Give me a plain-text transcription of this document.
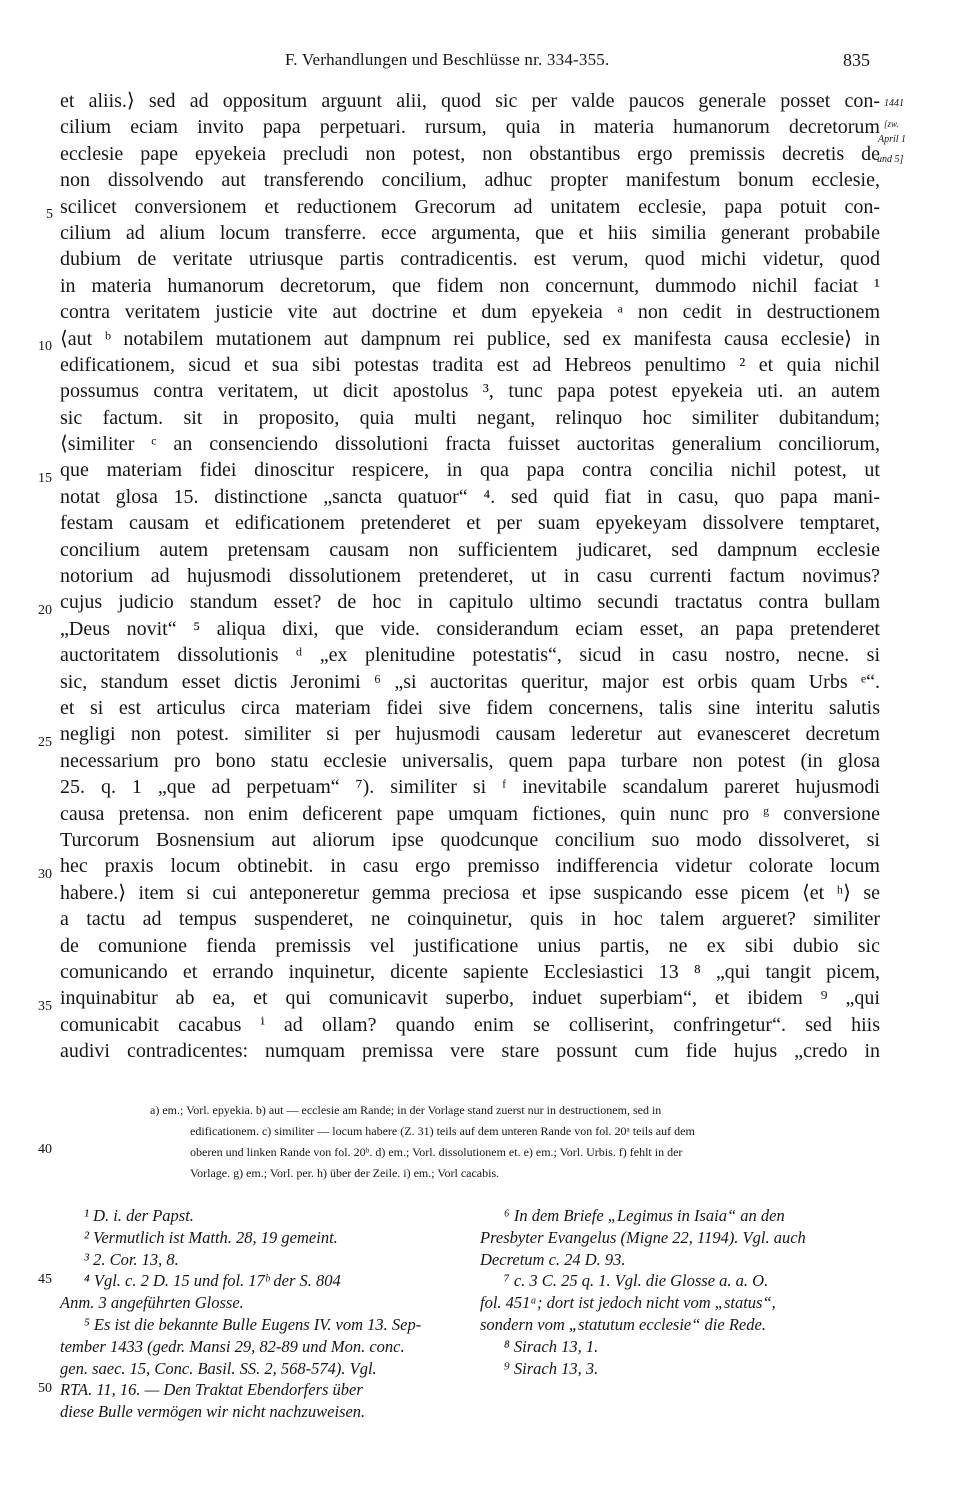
F. Verhandlungen und Beschlüsse nr. 334-355.	835
1441
[zw.
April 1
und 5]
5
10
15
20
25
30
35
et aliis.⟩ sed ad oppositum arguunt alii, quod sic per valde paucos generale posset con-
cilium eciam invito papa perpetuari. rursum, quia in materia humanorum decretorum
ecclesie pape epyekeia precludi non potest, non obstantibus ergo premissis decretis de
non dissolvendo aut transferendo concilium, adhuc propter manifestum bonum ecclesie,
scilicet conversionem et reductionem Grecorum ad unitatem ecclesie, papa potuit con-
cilium ad alium locum transferre. ecce argumenta, que et hiis similia generant probabile
dubium de veritate utriusque partis contradicentis. est verum, quod michi videtur, quod
in materia humanorum decretorum, que fidem non concernunt, dummodo nichil faciat ¹
contra veritatem justicie vite aut doctrine et dum epyekeia ᵃ non cedit in destructionem
⟨aut ᵇ notabilem mutationem aut dampnum rei publice, sed ex manifesta causa ecclesie⟩ in
edificationem, sicud et sua sibi potestas tradita est ad Hebreos penultimo ² et quia nichil
possumus contra veritatem, ut dicit apostolus ³, tunc papa potest epyekeia uti. an autem
sic factum. sit in proposito, quia multi negant, relinquo hoc similiter dubitandum;
⟨similiter ᶜ an consenciendo dissolutioni fracta fuisset auctoritas generalium conciliorum,
que materiam fidei dinoscitur respicere, in qua papa contra concilia nichil potest, ut
notat glosa 15. distinctione „sancta quatuor“ ⁴. sed quid fiat in casu, quo papa mani-
festam causam et edificationem pretenderet et per suam epyekeyam dissolvere temptaret,
concilium autem pretensam causam non sufficientem judicaret, sed dampnum ecclesie
notorium ad hujusmodi dissolutionem pretenderet, ut in casu currenti factum novimus?
cujus judicio standum esset? de hoc in capitulo ultimo secundi tractatus contra bullam
„Deus novit“ ⁵ aliqua dixi, que vide. considerandum eciam esset, an papa pretenderet
auctoritatem dissolutionis ᵈ „ex plenitudine potestatis“, sicud in casu nostro, necne. si
sic, standum esset dictis Jeronimi ⁶ „si auctoritas queritur, major est orbis quam Urbs ᵉ“.
et si est articulus circa materiam fidei sive fidem concernens, talis sine interitu salutis
negligi non potest. similiter si per hujusmodi causam lederetur aut evanesceret decretum
necessarium pro bono statu ecclesie universalis, quem papa turbare non potest (in glosa
25. q. 1 „que ad perpetuam“ ⁷). similiter si ᶠ inevitabile scandalum pareret hujusmodi
causa pretensa. non enim deficerent pape umquam fictiones, quin nunc pro ᵍ conversione
Turcorum Bosnensium aut aliorum ipse quodcunque concilium suo modo dissolveret, si
hec praxis locum obtinebit. in casu ergo premisso indifferencia videtur colorate locum
habere.⟩ item si cui anteponeretur gemma preciosa et ipse suspicando esse picem ⟨et ʰ⟩ se
a tactu ad tempus suspenderet, ne coinquinetur, quis in hoc talem argueret? similiter
de comunione fienda premissis vel justificatione unius partis, ne ex sibi dubio sic
comunicando et errando inquinetur, dicente sapiente Ecclesiastici 13 ⁸ „qui tangit picem,
inquinabitur ab ea, et qui comunicavit superbo, induet superbiam“, et ibidem ⁹ „qui
comunicabit cacabus ⁱ ad ollam? quando enim se colliserint, confringetur“. sed hiis
audivi contradicentes: numquam premissa vere stare possunt cum fide hujus „credo in
40

a) em.; Vorl. epyekia. b) aut — ecclesie am Rande; in der Vorlage stand zuerst nur in destructionem, sed in

edificationem. c) similiter — locum habere (Z. 31) teils auf dem unteren Rande von fol. 20ᵃ teils auf dem

oberen und linken Rande von fol. 20ᵇ. d) em.; Vorl. dissolutionem et. e) em.; Vorl. Urbis. f) fehlt in der

Vorlage. g) em.; Vorl. per. h) über der Zeile. i) em.; Vorl cacabis.

45
50
¹ D. i. der Papst.
² Vermutlich ist Matth. 28, 19 gemeint.
³ 2. Cor. 13, 8.
⁴ Vgl. c. 2 D. 15 und fol. 17ᵇ der S. 804
Anm. 3 angeführten Glosse.
⁵ Es ist die bekannte Bulle Eugens IV. vom 13. Sep-
tember 1433 (gedr. Mansi 29, 82-89 und Mon. conc.
gen. saec. 15, Conc. Basil. SS. 2, 568-574). Vgl.
RTA. 11, 16. — Den Traktat Ebendorfers über
diese Bulle vermögen wir nicht nachzuweisen.
⁶ In dem Briefe „Legimus in Isaia“ an den
Presbyter Evangelus (Migne 22, 1194). Vgl. auch
Decretum c. 24 D. 93.
⁷ c. 3 C. 25 q. 1. Vgl. die Glosse a. a. O.
fol. 451ᵃ; dort ist jedoch nicht vom „status“,
sondern vom „statutum ecclesie“ die Rede.
⁸ Sirach 13, 1.
⁹ Sirach 13, 3.
